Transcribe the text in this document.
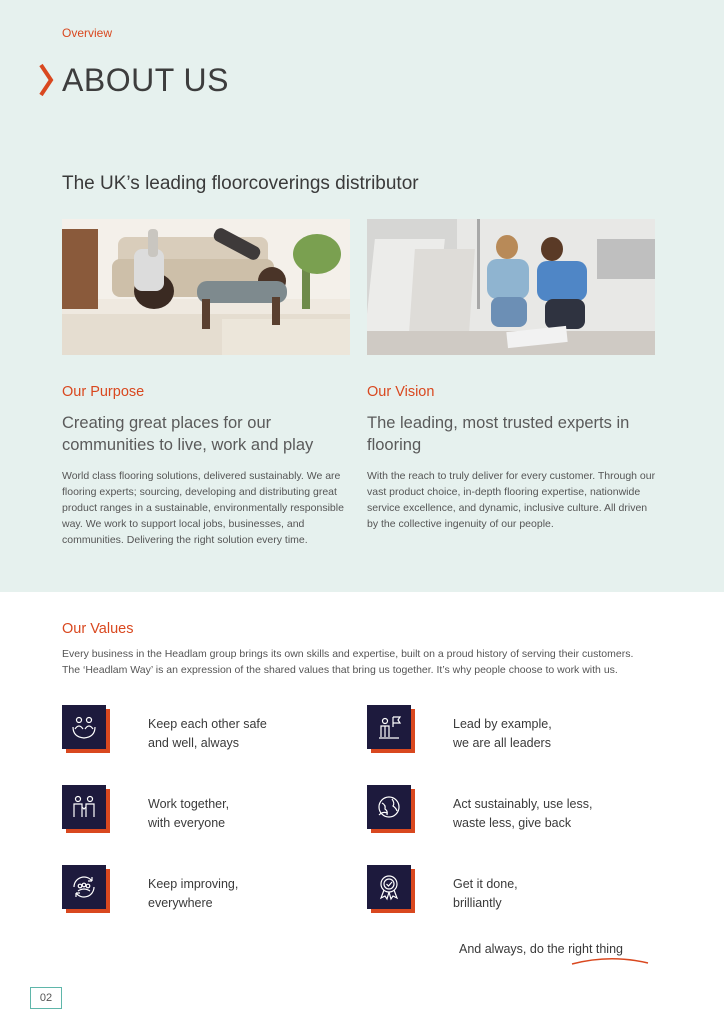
Overview
ABOUT US
The UK’s leading floorcoverings distributor
Our Purpose

Creating great places for our communities to live, work and play

World class flooring solutions, delivered sustainably. We are flooring experts; sourcing, developing and distributing great product ranges in a sustainable, environmentally responsible way. We work to support local jobs, businesses, and communities. Delivering the right solution every time.

Our Vision

The leading, most trusted experts in flooring

With the reach to truly deliver for every customer. Through our vast product choice, in-depth flooring expertise, nationwide service excellence, and dynamic, inclusive culture. All driven by the collective ingenuity of our people.

Our Values
Every business in the Headlam group brings its own skills and expertise, built on a proud history of serving their customers. The ‘Headlam Way’ is an expression of the shared values that bring us together. It’s why people choose to work with us.
Keep each other safe
and well, always
Lead by example,
we are all leaders
Work together,
with everyone
Act sustainably, use less,
waste less, give back
Keep improving,
everywhere
Get it done,
brilliantly
And always, do the right thing
02
